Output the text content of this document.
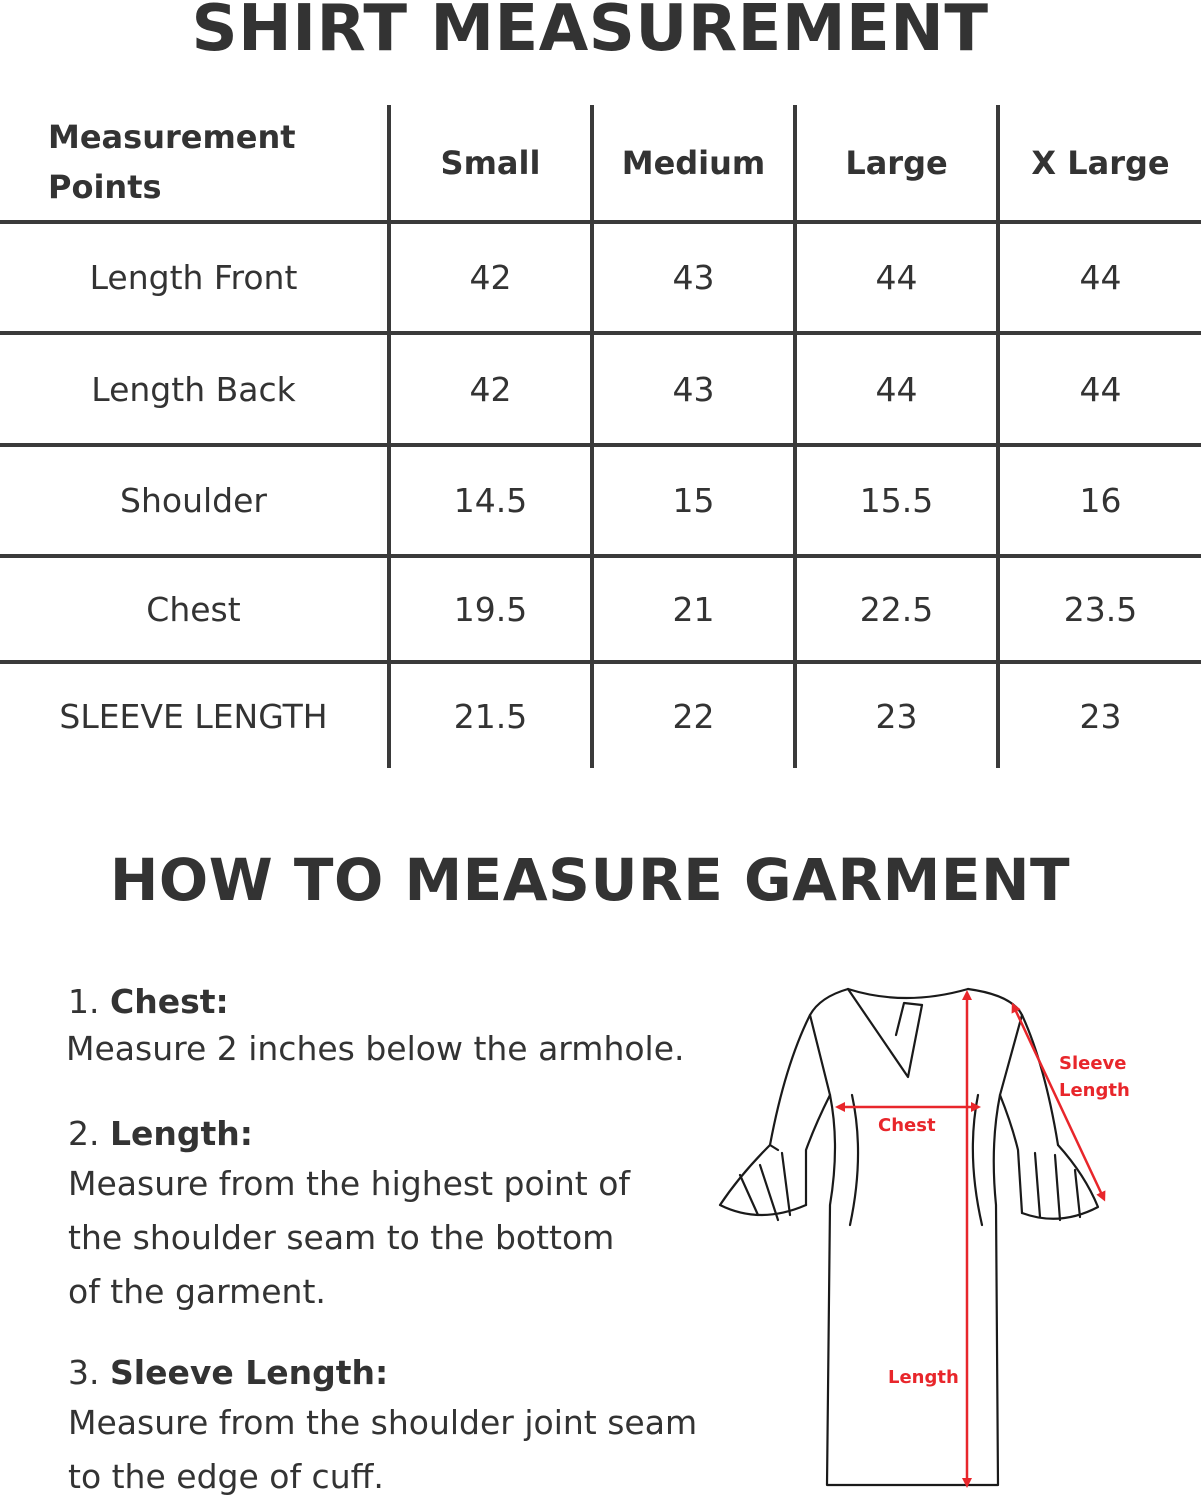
SHIRT MEASUREMENT
Measurement
Points
Small	Medium	Large	X Large
Length Front	42	43	44	44
Length Back	42	43	44	44
Shoulder	14.5	15	15.5	16
Chest	19.5	21	22.5	23.5
SLEEVE LENGTH	21.5	22	23	23
HOW TO MEASURE GARMENT
1. Chest:
Measure 2 inches below the armhole.
2. Length:
Measure from the highest point of
the shoulder seam to the bottom
of the garment.
3. Sleeve Length:
Measure from the shoulder joint seam
to the edge of cuff.
Chest
Length
Sleeve
Length
